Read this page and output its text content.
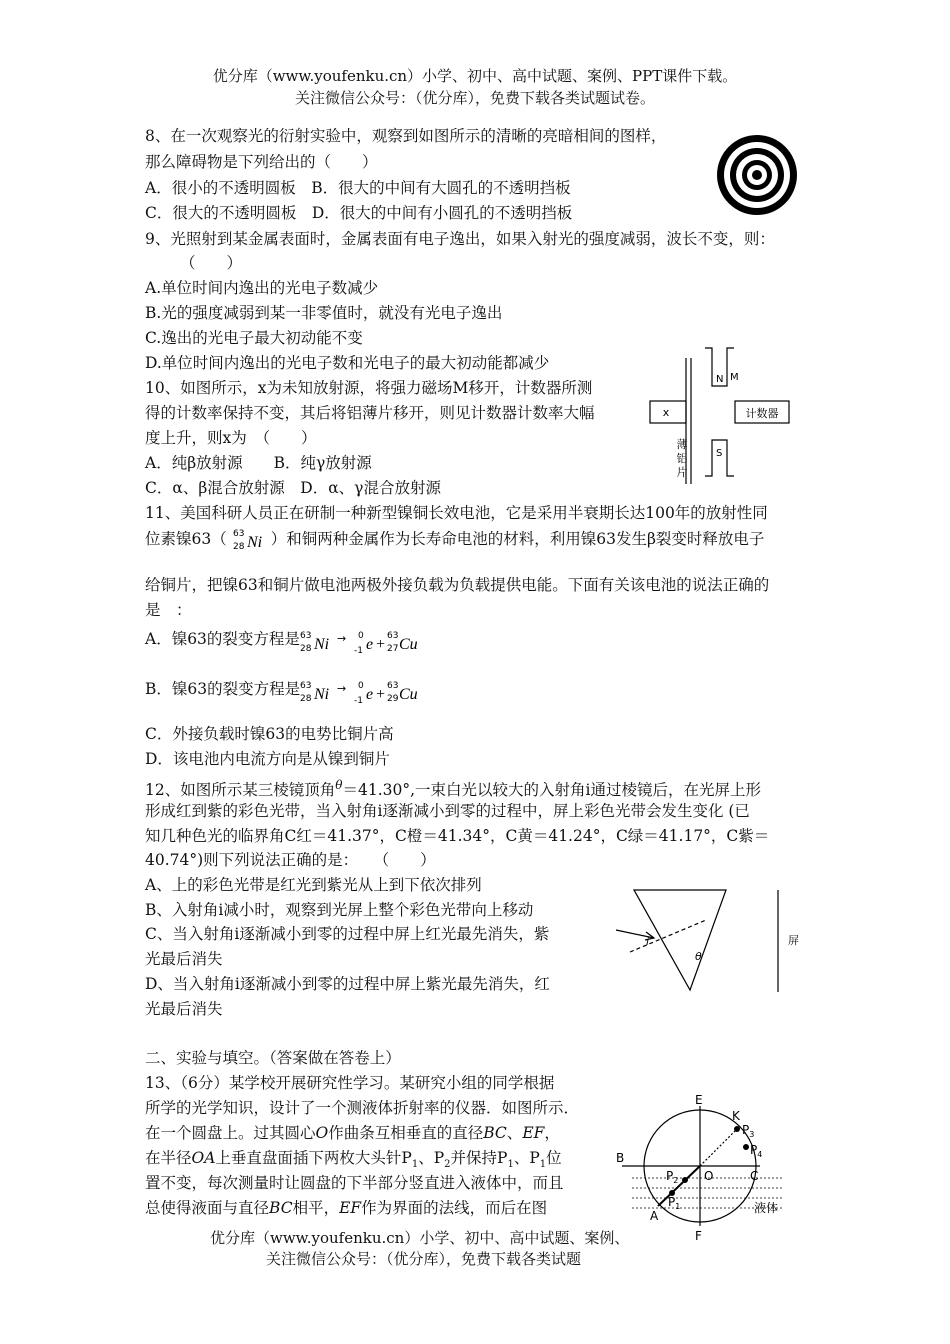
优分库（www.youfenku.cn）小学、初中、高中试题、案例、PPT课件下载。
关注微信公众号：（优分库），免费下载各类试题试卷。
8、在一次观察光的衍射实验中，观察到如图所示的清晰的亮暗相间的图样，
那么障碍物是下列给出的（　　）
A．很小的不透明圆板　B．很大的中间有大圆孔的不透明挡板
C．很大的不透明圆板　D．很大的中间有小圆孔的不透明挡板
9、光照射到某金属表面时，金属表面有电子逸出，如果入射光的强度减弱，波长不变，则：
（　　）
A.单位时间内逸出的光电子数减少
B.光的强度减弱到某一非零值时，就没有光电子逸出
C.逸出的光电子最大初动能不变
D.单位时间内逸出的光电子数和光电子的最大初动能都减少
10、如图所示，x为未知放射源，将强力磁场M移开，计数器所测
得的计数率保持不变，其后将铝薄片移开，则见计数器计数率大幅
度上升，则x为　（　　）
A．纯β放射源　　B．纯γ放射源
C．α、β混合放射源　D．α、γ混合放射源
x
N M
S
计数器
薄
铝
片
11、美国科研人员正在研制一种新型镍铜长效电池，它是采用半衰期长达100年的放射性同
位素镍63（ 63
28 Ni ）和铜两种金属作为长寿命电池的材料，利用镍63发生β裂变时释放电子
给铜片，把镍63和铜片做电池两极外接负载为负载提供电能。下面有关该电池的说法正确的
是　：
A．镍63的裂变方程是 63
28 Ni → 0
-1 e + 63
27 Cu
B．镍63的裂变方程是 63
28 Ni → 0
-1 e + 63
29 Cu
C．外接负载时镍63的电势比铜片高
D．该电池内电流方向是从镍到铜片
12、如图所示某三棱镜顶角$^\theta$＝41.30°,一束白光以较大的入射角i通过棱镜后，在光屏上形
形成红到紫的彩色光带，当入射角i逐渐减小到零的过程中，屏上彩色光带会发生变化 (已
知几种色光的临界角C红＝41.37°，C橙＝41.34°，C黄＝41.24°，C绿＝41.17°，C紫＝
40.74°)则下列说法正确的是：　　（　　）
A、上的彩色光带是红光到紫光从上到下依次排列
B、入射角i减小时，观察到光屏上整个彩色光带向上移动
C、当入射角i逐渐减小到零的过程中屏上红光最先消失，紫
光最后消失
D、当入射角i逐渐减小到零的过程中屏上紫光最先消失，红
光最后消失
i
θ
屏
二、实验与填空。（答案做在答卷上）
13、（6分）某学校开展研究性学习。某研究小组的同学根据
所学的光学知识，设计了一个测液体折射率的仪器．如图所示．
在一个圆盘上。过其圆心O作曲条互相垂直的直径BC、EF，
在半径OA上垂直盘面插下两枚大头针$P_1$、$P_2$并保持$P_1$、$P_1$位
置不变，每次测量时让圆盘的下半部分竖直进入液体中，而且
总使得液面与直径BC相平，EF作为界面的法线，而后在图
E
F
B
C
O
A
K
$P_2$
$P_1$
$P_3$
$P_4$
液体
优分库（www.youfenku.cn）小学、初中、高中试题、案例、
关注微信公众号：（优分库），免费下载各类试题
